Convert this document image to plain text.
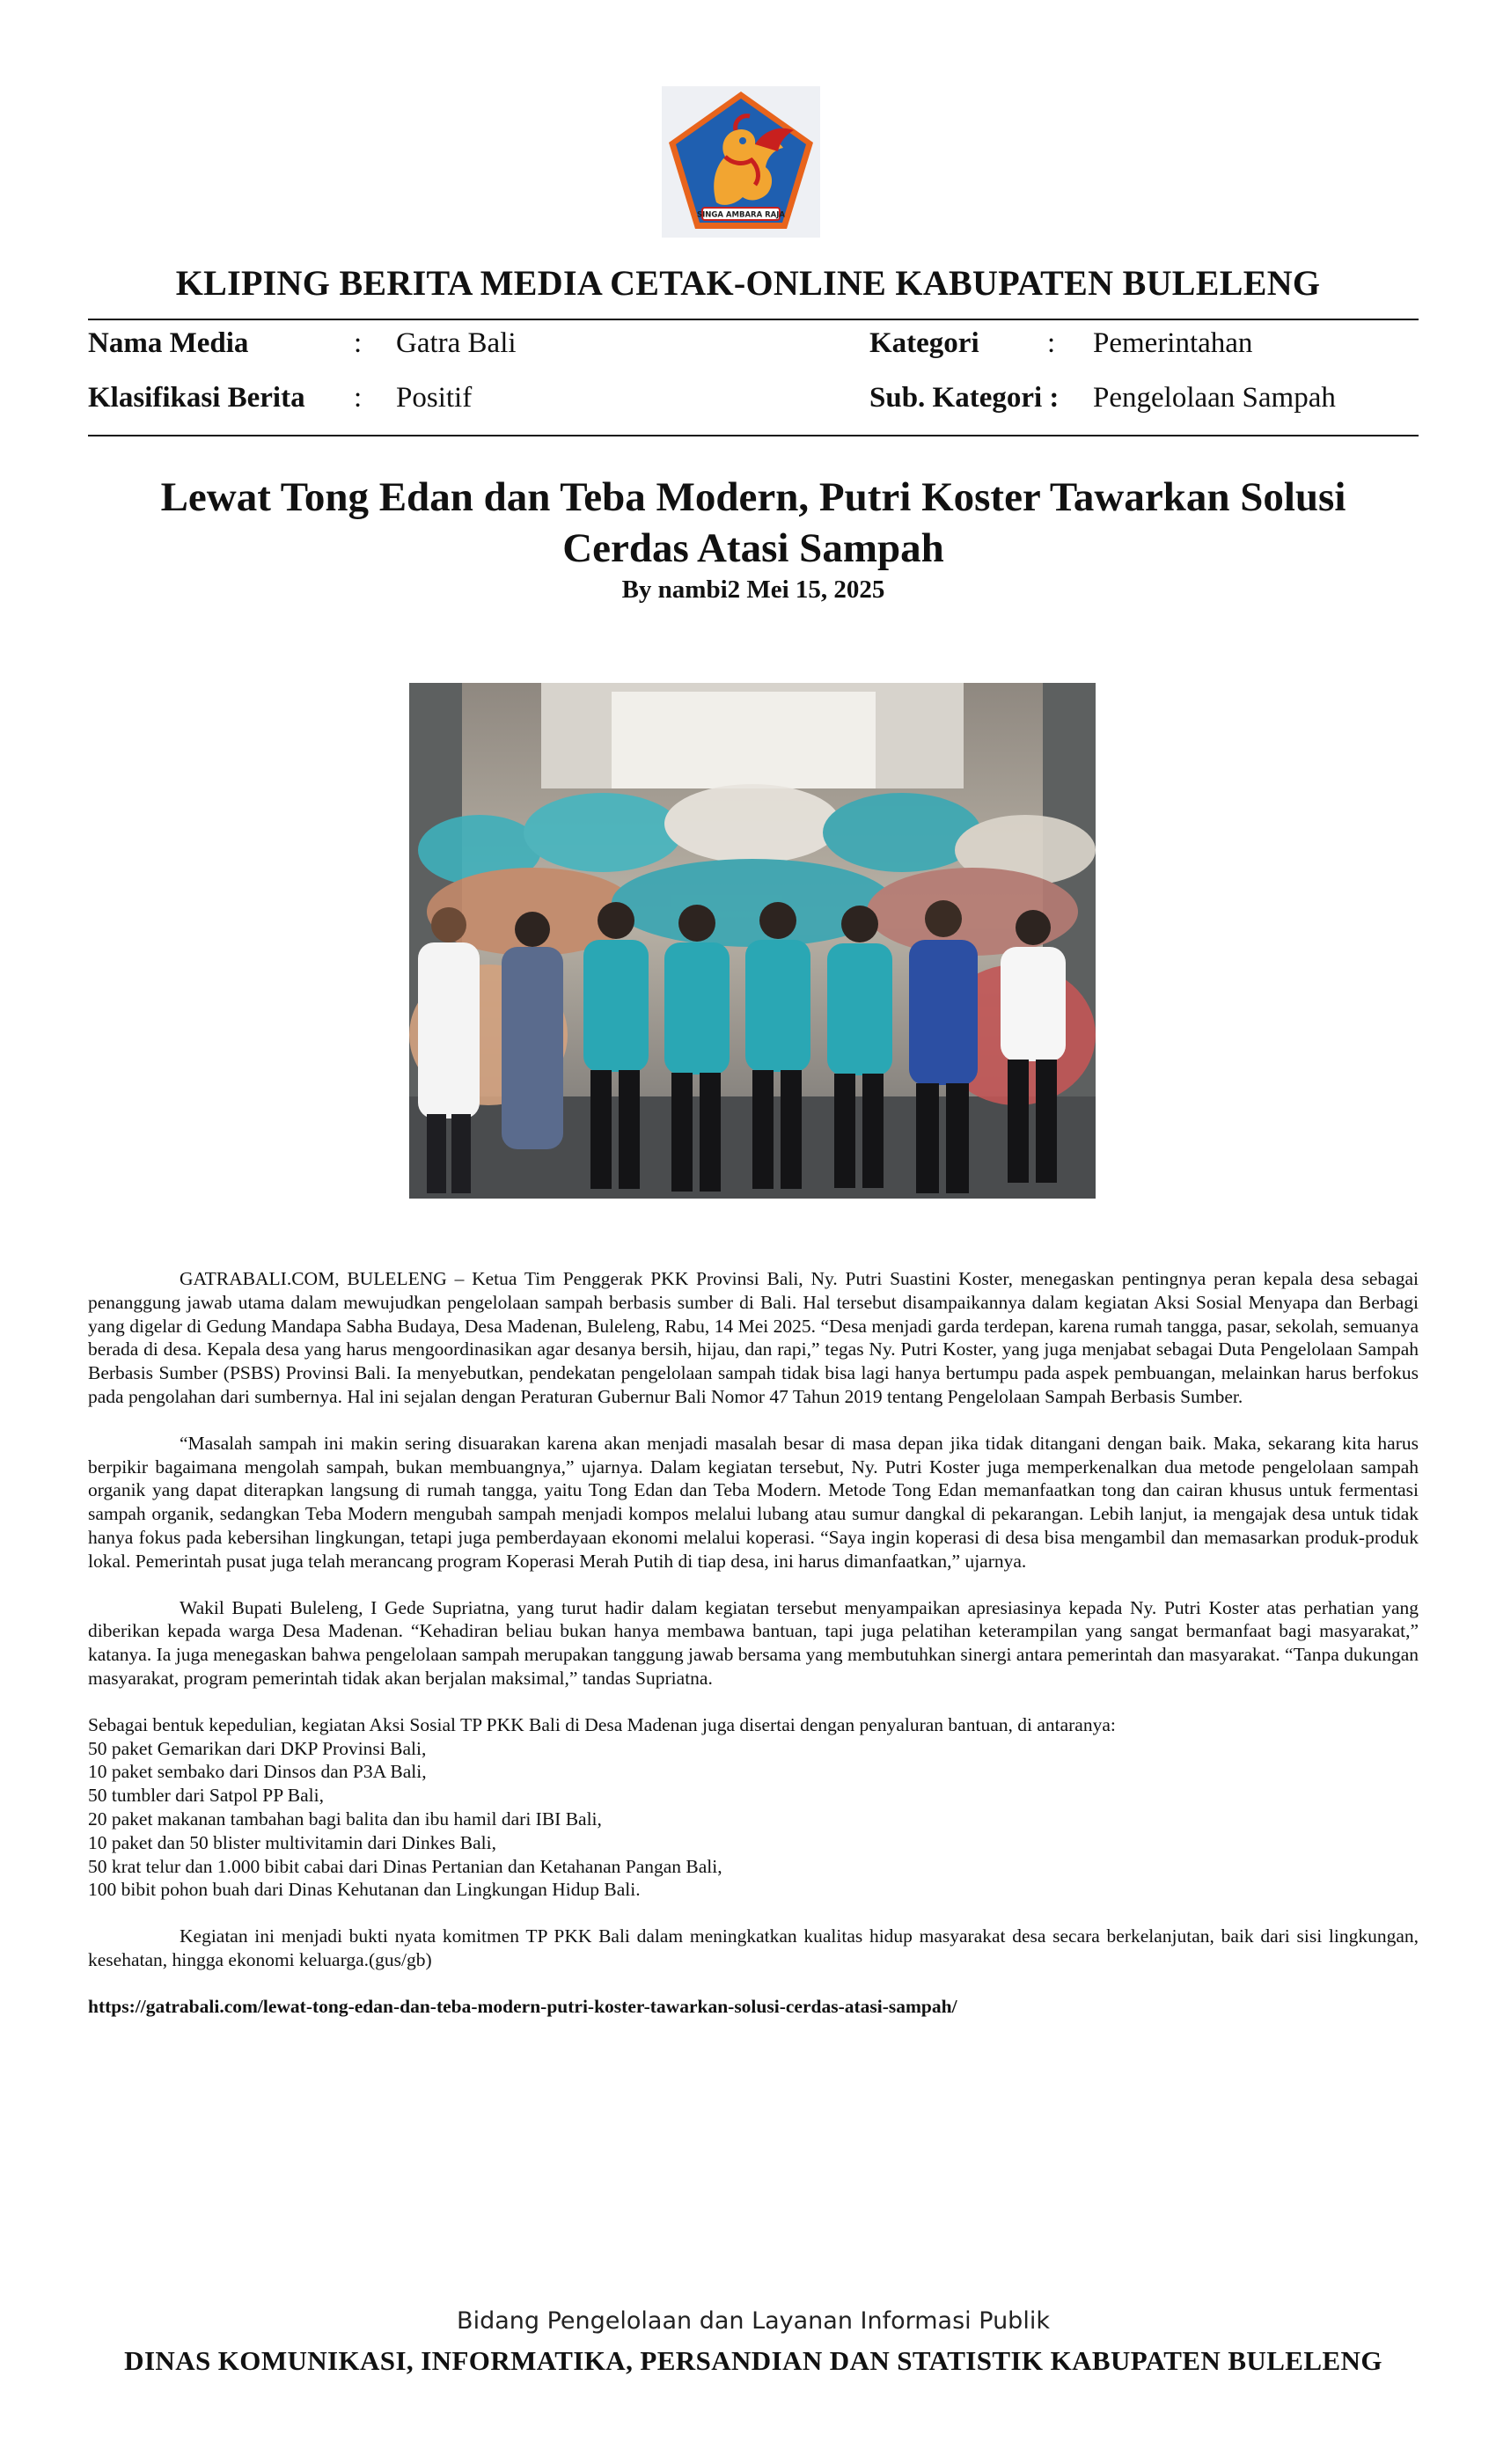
SINGA AMBARA RAJA
KLIPING BERITA MEDIA CETAK-ONLINE KABUPATEN BULELENG
Nama Media	: Gatra Bali	Kategori : Pemerintahan
Klasifikasi Berita : Positif	Sub. Kategori : Pengelolaan Sampah
Lewat Tong Edan dan Teba Modern, Putri Koster Tawarkan Solusi
Cerdas Atasi Sampah
By nambi2 Mei 15, 2025

GATRABALI.COM, BULELENG – Ketua Tim Penggerak PKK Provinsi Bali, Ny. Putri Suastini Koster, menegaskan pentingnya peran kepala desa sebagai penanggung jawab utama dalam mewujudkan pengelolaan sampah berbasis sumber di Bali. Hal tersebut disampaikannya dalam kegiatan Aksi Sosial Menyapa dan Berbagi yang digelar di Gedung Mandapa Sabha Budaya, Desa Madenan, Buleleng, Rabu, 14 Mei 2025. “Desa menjadi garda terdepan, karena rumah tangga, pasar, sekolah, semuanya berada di desa. Kepala desa yang harus mengoordinasikan agar desanya bersih, hijau, dan rapi,” tegas Ny. Putri Koster, yang juga menjabat sebagai Duta Pengelolaan Sampah Berbasis Sumber (PSBS) Provinsi Bali. Ia menyebutkan, pendekatan pengelolaan sampah tidak bisa lagi hanya bertumpu pada aspek pembuangan, melainkan harus berfokus pada pengolahan dari sumbernya. Hal ini sejalan dengan Peraturan Gubernur Bali Nomor 47 Tahun 2019 tentang Pengelolaan Sampah Berbasis Sumber.

“Masalah sampah ini makin sering disuarakan karena akan menjadi masalah besar di masa depan jika tidak ditangani dengan baik. Maka, sekarang kita harus berpikir bagaimana mengolah sampah, bukan membuangnya,” ujarnya. Dalam kegiatan tersebut, Ny. Putri Koster juga memperkenalkan dua metode pengelolaan sampah organik yang dapat diterapkan langsung di rumah tangga, yaitu Tong Edan dan Teba Modern. Metode Tong Edan memanfaatkan tong dan cairan khusus untuk fermentasi sampah organik, sedangkan Teba Modern mengubah sampah menjadi kompos melalui lubang atau sumur dangkal di pekarangan. Lebih lanjut, ia mengajak desa untuk tidak hanya fokus pada kebersihan lingkungan, tetapi juga pemberdayaan ekonomi melalui koperasi. “Saya ingin koperasi di desa bisa mengambil dan memasarkan produk-produk lokal. Pemerintah pusat juga telah merancang program Koperasi Merah Putih di tiap desa, ini harus dimanfaatkan,” ujarnya.

Wakil Bupati Buleleng, I Gede Supriatna, yang turut hadir dalam kegiatan tersebut menyampaikan apresiasinya kepada Ny. Putri Koster atas perhatian yang diberikan kepada warga Desa Madenan. “Kehadiran beliau bukan hanya membawa bantuan, tapi juga pelatihan keterampilan yang sangat bermanfaat bagi masyarakat,” katanya. Ia juga menegaskan bahwa pengelolaan sampah merupakan tanggung jawab bersama yang membutuhkan sinergi antara pemerintah dan masyarakat. “Tanpa dukungan masyarakat, program pemerintah tidak akan berjalan maksimal,” tandas Supriatna.

Sebagai bentuk kepedulian, kegiatan Aksi Sosial TP PKK Bali di Desa Madenan juga disertai dengan penyaluran bantuan, di antaranya:

50 paket Gemarikan dari DKP Provinsi Bali,
10 paket sembako dari Dinsos dan P3A Bali,
50 tumbler dari Satpol PP Bali,
20 paket makanan tambahan bagi balita dan ibu hamil dari IBI Bali,
10 paket dan 50 blister multivitamin dari Dinkes Bali,
50 krat telur dan 1.000 bibit cabai dari Dinas Pertanian dan Ketahanan Pangan Bali,
100 bibit pohon buah dari Dinas Kehutanan dan Lingkungan Hidup Bali.

Kegiatan ini menjadi bukti nyata komitmen TP PKK Bali dalam meningkatkan kualitas hidup masyarakat desa secara berkelanjutan, baik dari sisi lingkungan, kesehatan, hingga ekonomi keluarga.(gus/gb)

https://gatrabali.com/lewat-tong-edan-dan-teba-modern-putri-koster-tawarkan-solusi-cerdas-atasi-sampah/
Bidang Pengelolaan dan Layanan Informasi Publik
DINAS KOMUNIKASI, INFORMATIKA, PERSANDIAN DAN STATISTIK KABUPATEN BULELENG
